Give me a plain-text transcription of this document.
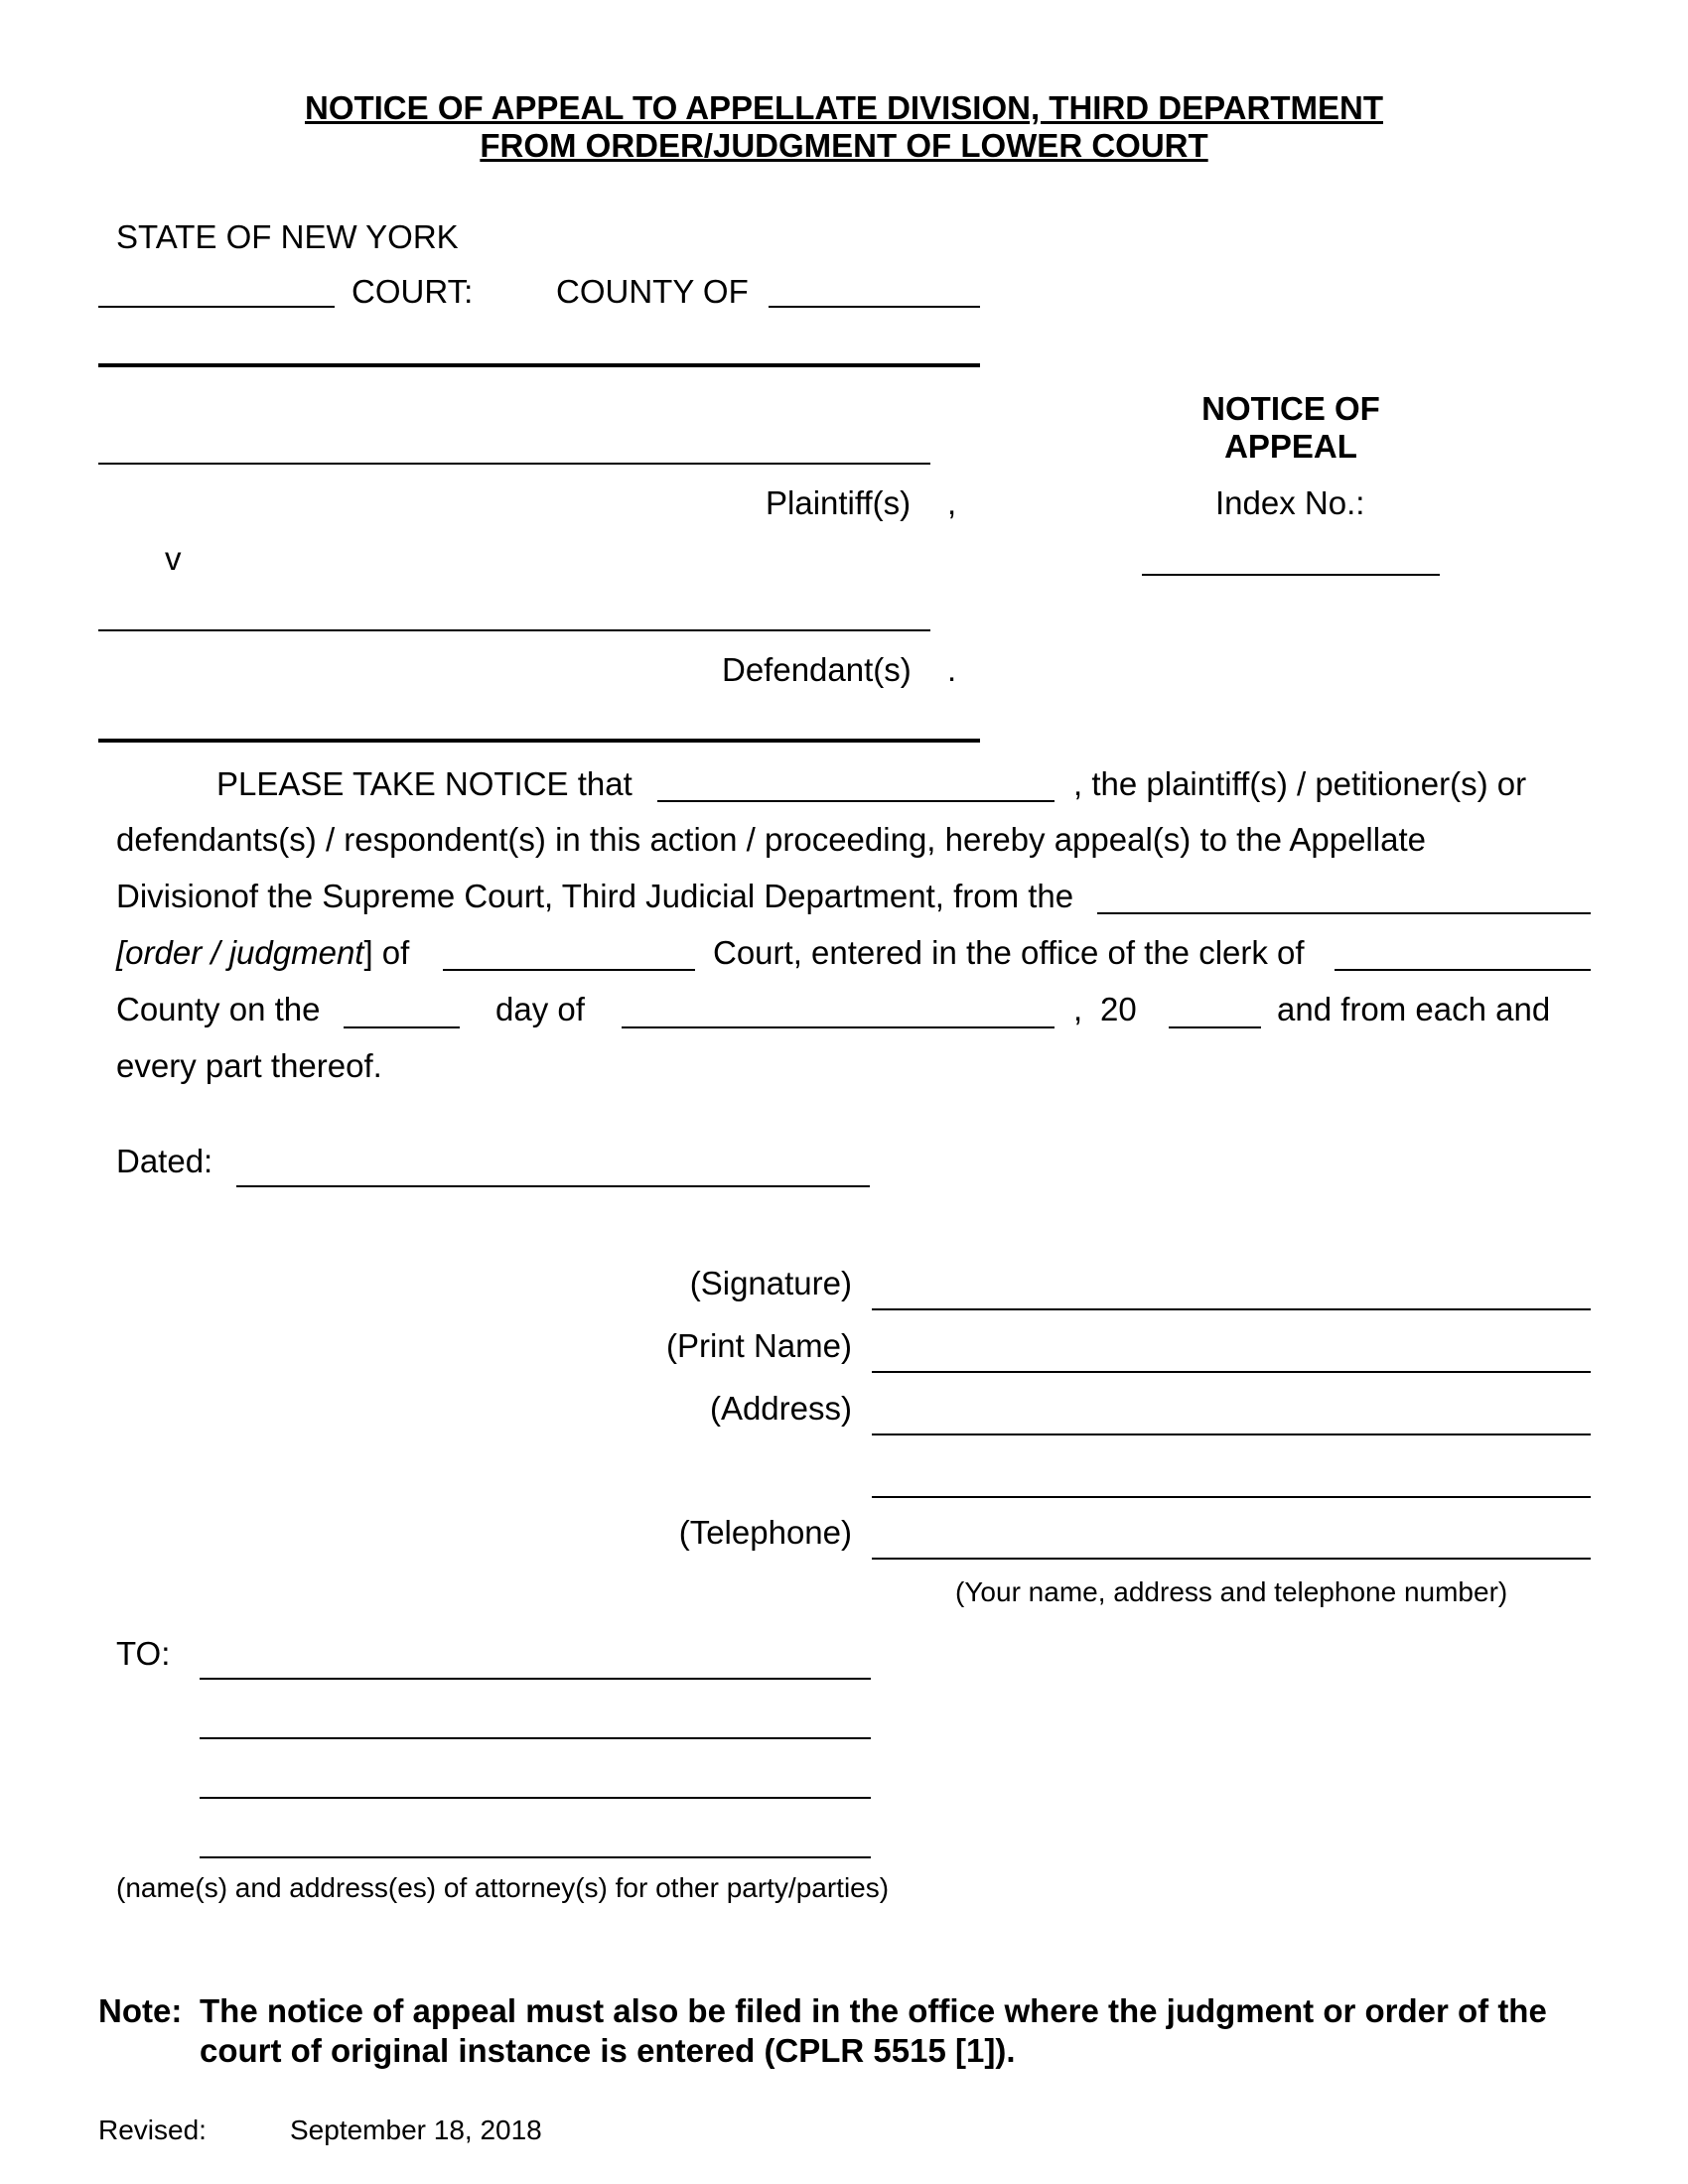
NOTICE OF APPEAL TO APPELLATE DIVISION, THIRD DEPARTMENT
FROM ORDER/JUDGMENT OF LOWER COURT
STATE OF NEW YORK
COURT:	COUNTY OF
Plaintiff(s) ,
v
Defendant(s) .
NOTICE OF
APPEAL
Index No.:
PLEASE TAKE NOTICE that	, the plaintiff(s) / petitioner(s) or
defendants(s) / respondent(s) in this action / proceeding, hereby appeal(s) to the Appellate
Divisionof the Supreme Court, Third Judicial Department, from the
[order / judgment] of	Court, entered in the office of the clerk of
County on the	day of	, 20	and from each and
every part thereof.
Dated:
(Signature)
(Print Name)
(Address)
(Telephone)
(Your name, address and telephone number)
TO:
(name(s) and address(es) of attorney(s) for other party/parties)
Note: The notice of appeal must also be filed in the office where the judgment or order of the
court of original instance is entered (CPLR 5515 [1]).
Revised:	September 18, 2018
